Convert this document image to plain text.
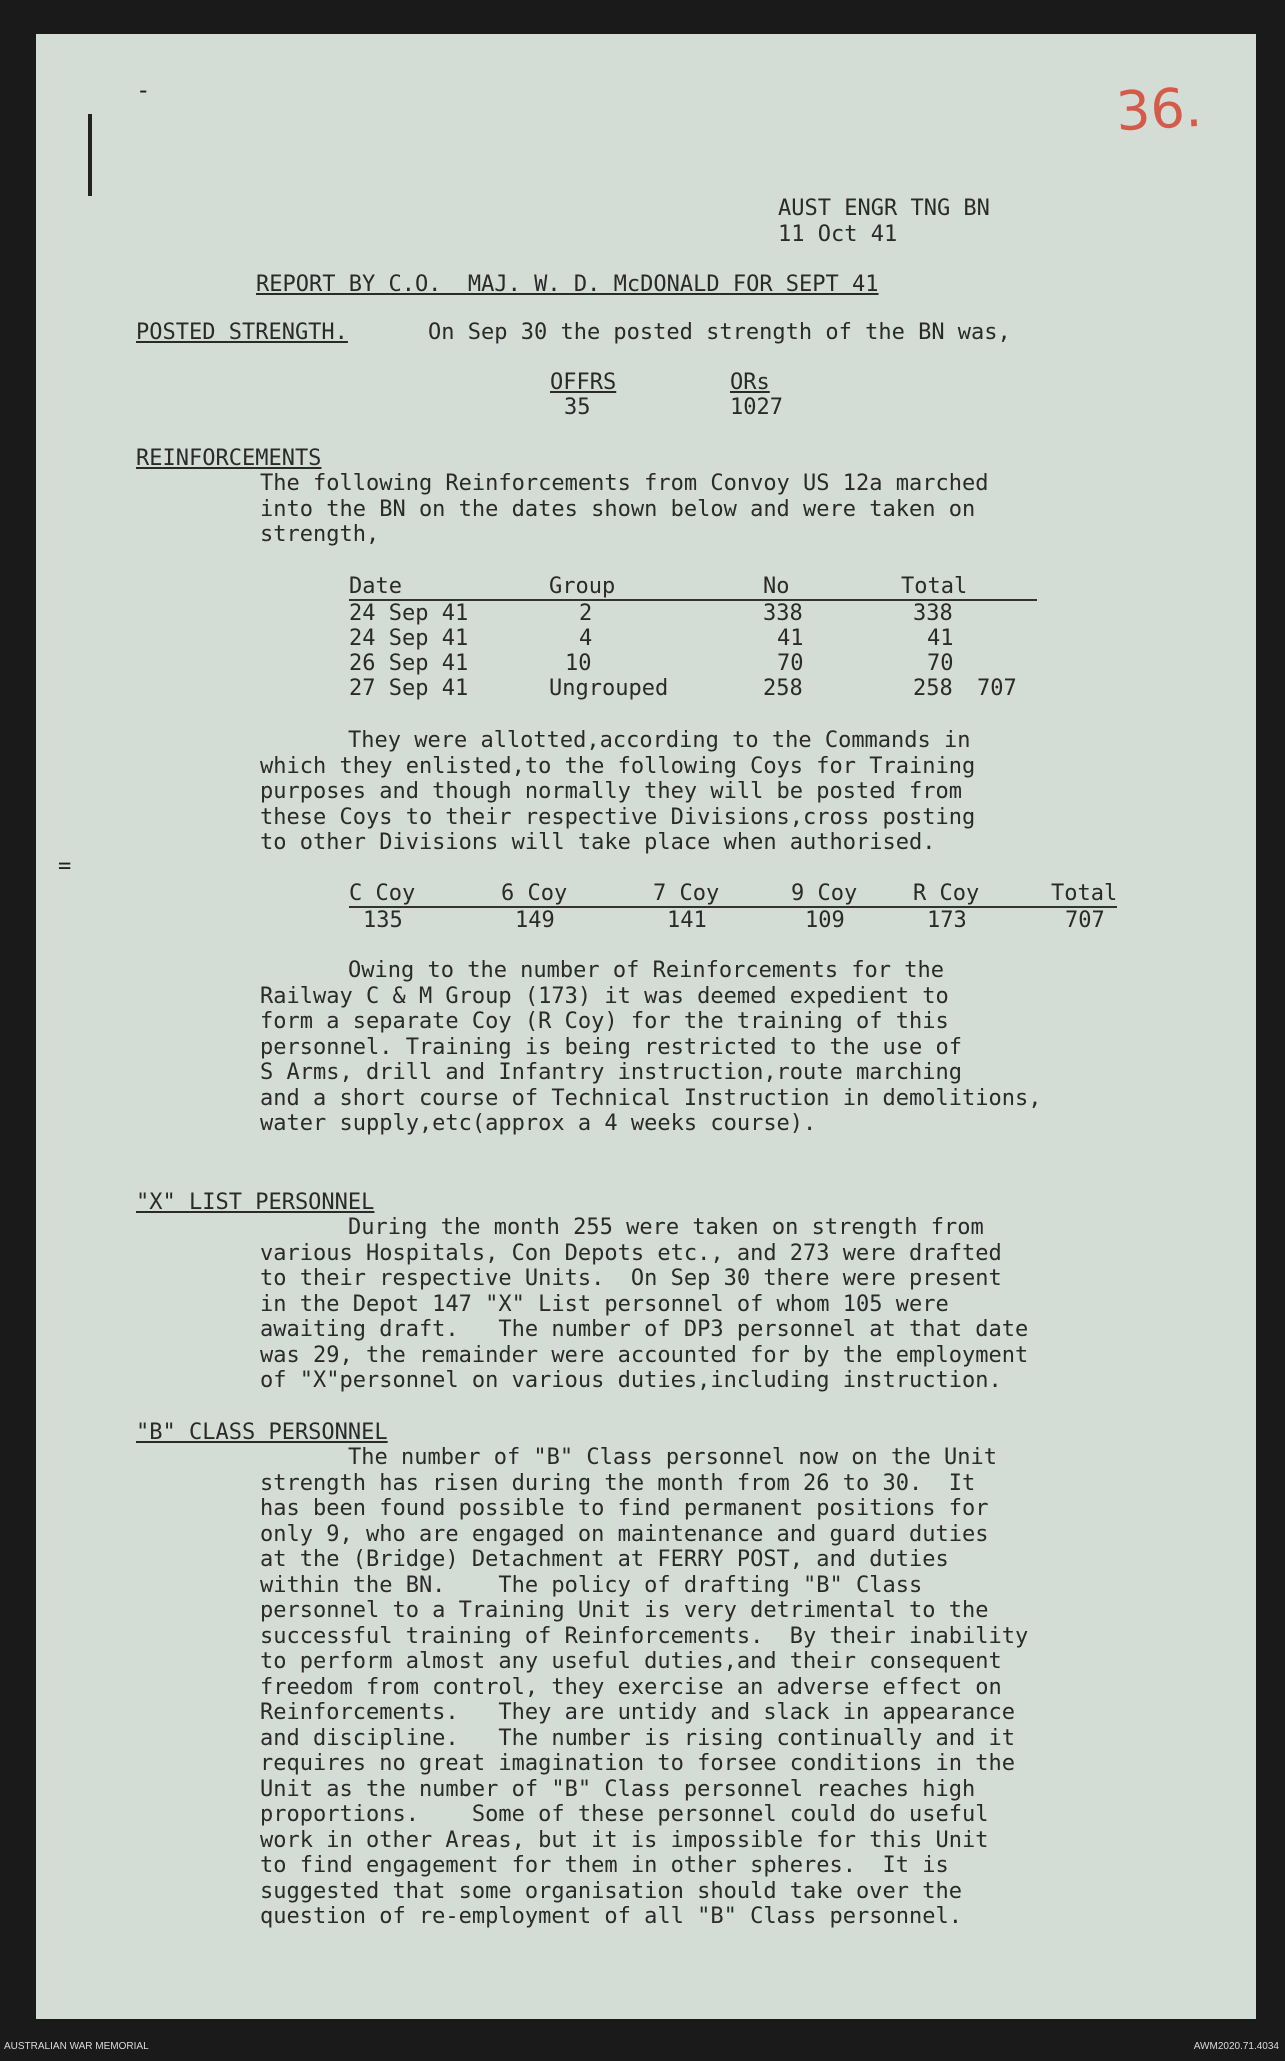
36.
-
=
AUST ENGR TNG BN
11 Oct 41
REPORT BY C.O.  MAJ. W. D. McDONALD FOR SEPT 41
POSTED STRENGTH.	On Sep 30 the posted strength of the BN was,
OFFRS	ORs
35	1027
REINFORCEMENTS
The following Reinforcements from Convoy US 12a marched
into the BN on the dates shown below and were taken on
strength,
Date	Group	No	Total	
24 Sep 41	2	338	338	
24 Sep 41	4	41	41	
26 Sep 41	10	70	70	
27 Sep 41	Ungrouped	258	258	707
They were allotted,according to the Commands in
which they enlisted,to the following Coys for Training
purposes and though normally they will be posted from
these Coys to their respective Divisions,cross posting
to other Divisions will take place when authorised.
C Coy	6 Coy	7 Coy	9 Coy	R Coy	Total
135	149	141	109	173	707
Owing to the number of Reinforcements for the
Railway C & M Group (173) it was deemed expedient to
form a separate Coy (R Coy) for the training of this
personnel. Training is being restricted to the use of
S Arms, drill and Infantry instruction,route marching
and a short course of Technical Instruction in demolitions,
water supply,etc(approx a 4 weeks course).
"X" LIST PERSONNEL
During the month 255 were taken on strength from
various Hospitals, Con Depots etc., and 273 were drafted
to their respective Units.  On Sep 30 there were present
in the Depot 147 "X" List personnel of whom 105 were
awaiting draft.   The number of DP3 personnel at that date
was 29, the remainder were accounted for by the employment
of "X"personnel on various duties,including instruction.
"B" CLASS PERSONNEL
The number of "B" Class personnel now on the Unit
strength has risen during the month from 26 to 30.  It
has been found possible to find permanent positions for
only 9, who are engaged on maintenance and guard duties
at the (Bridge) Detachment at FERRY POST, and duties
within the BN.    The policy of drafting "B" Class
personnel to a Training Unit is very detrimental to the
successful training of Reinforcements.  By their inability
to perform almost any useful duties,and their consequent
freedom from control, they exercise an adverse effect on
Reinforcements.   They are untidy and slack in appearance
and discipline.   The number is rising continually and it
requires no great imagination to forsee conditions in the
Unit as the number of "B" Class personnel reaches high
proportions.    Some of these personnel could do useful
work in other Areas, but it is impossible for this Unit
to find engagement for them in other spheres.  It is
suggested that some organisation should take over the
question of re-employment of all "B" Class personnel.
AUSTRALIAN WAR MEMORIAL	AWM2020.71.4034
